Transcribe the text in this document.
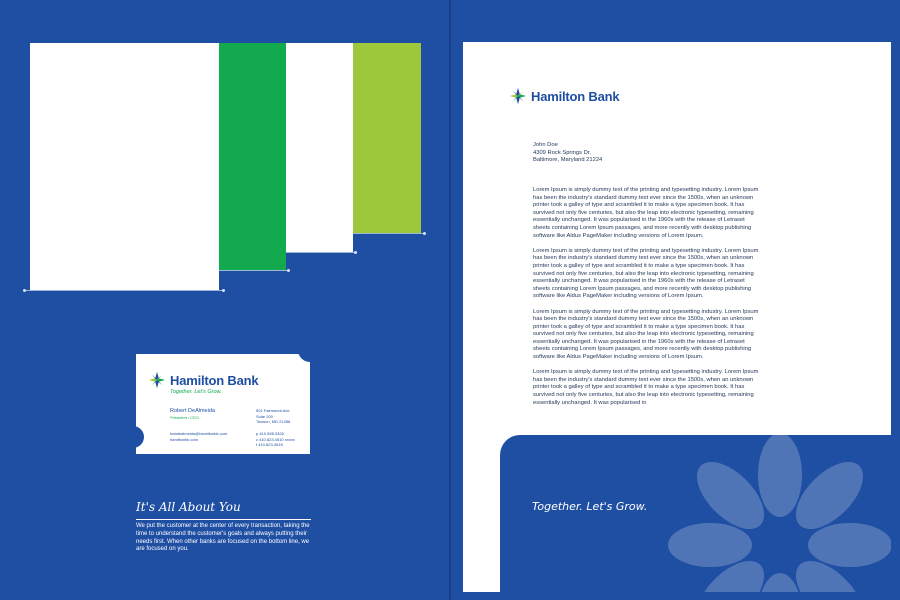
Hamilton Bank
Together. Let's Grow.
Robert DeAlmeida
President / CEO
bobdealmeida@hamiltonbk.com
hamiltonbk.com
501 Fairmount Ave.
Suite 200
Towson, MD 21286
p 410.598.3326
c 410.823.4510 xxxxx
f 410.823.4518
It's All About You
We put the customer at the center of every transaction, taking the time to understand the customer's goals and always putting their needs first. When other banks are focused on the bottom line, we are focused on you.
Hamilton Bank
John Doe
4309 Rock Springs Dr.
Baltimore, Maryland 21224

Lorem Ipsum is simply dummy text of the printing and typesetting industry. Lorem Ipsum has been the industry's standard dummy text ever since the 1500s, when an unknown printer took a galley of type and scrambled it to make a type specimen book. It has survived not only five centuries, but also the leap into electronic typesetting, remaining essentially unchanged. It was popularised in the 1960s with the release of Letraset sheets containing Lorem Ipsum passages, and more recently with desktop publishing software like Aldus PageMaker including versions of Lorem Ipsum.

Lorem Ipsum is simply dummy text of the printing and typesetting industry. Lorem Ipsum has been the industry's standard dummy text ever since the 1500s, when an unknown printer took a galley of type and scrambled it to make a type specimen book. It has survived not only five centuries, but also the leap into electronic typesetting, remaining essentially unchanged. It was popularised in the 1960s with the release of Letraset sheets containing Lorem Ipsum passages, and more recently with desktop publishing software like Aldus PageMaker including versions of Lorem Ipsum.

Lorem Ipsum is simply dummy text of the printing and typesetting industry. Lorem Ipsum has been the industry's standard dummy text ever since the 1500s, when an unknown printer took a galley of type and scrambled it to make a type specimen book. It has survived not only five centuries, but also the leap into electronic typesetting, remaining essentially unchanged. It was popularised in the 1960s with the release of Letraset sheets containing Lorem Ipsum passages, and more recently with desktop publishing software like Aldus PageMaker including versions of Lorem Ipsum.

Lorem Ipsum is simply dummy text of the printing and typesetting industry. Lorem Ipsum has been the industry's standard dummy text ever since the 1500s, when an unknown printer took a galley of type and scrambled it to make a type specimen book. It has survived not only five centuries, but also the leap into electronic typesetting, remaining essentially unchanged. It was popularised in

Together. Let's Grow.
